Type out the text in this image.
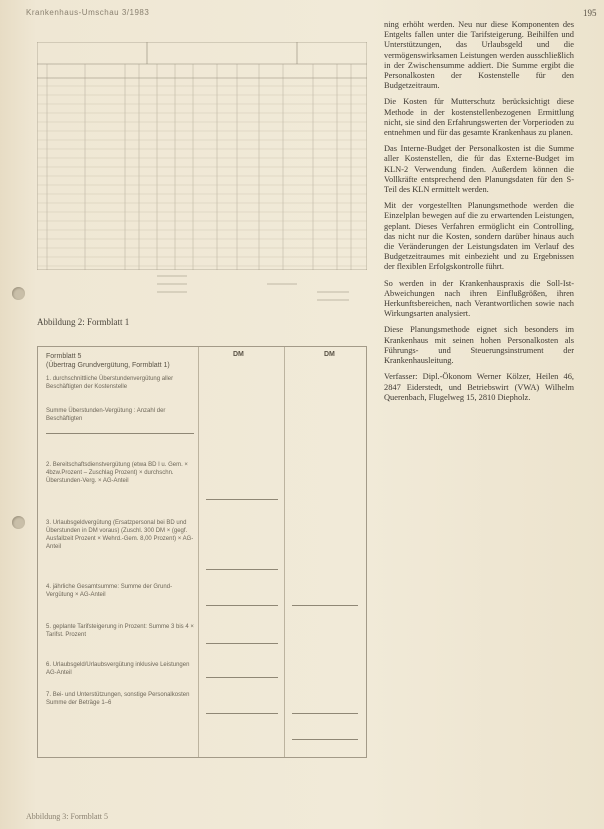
Krankenhaus-Umschau 3/1983	195
Abbildung 2: Formblatt 1
Formblatt 5
(Übertrag Grundvergütung, Formblatt 1)
DM	DM
1. durchschnittliche Überstundenvergütung aller Beschäftigten der Kostenstelle
Summe Überstunden-Vergütung : Anzahl der Beschäftigten
2. Bereitschaftsdienstvergütung (etwa BD I u. Gem. × 4bzw.Prozent – Zuschlag Prozent) × durchschn. Überstunden-Verg. × AG-Anteil
3. Urlaubsgeldvergütung (Ersatzpersonal bei BD und Überstunden in DM voraus) (Zuschl. 300 DM × (gegf. Ausfallzeit Prozent × Wehrd.-Gem. 8,00 Prozent) × AG-Anteil
4. jährliche Gesamtsumme: Summe der Grund-Vergütung × AG-Anteil
5. geplante Tarifsteigerung in Prozent: Summe 3 bis 4 × Tarifst. Prozent
6. Urlaubsgeld/Urlaubsvergütung inklusive Leistungen AG-Anteil
7. Bei- und Unterstützungen, sonstige Personalkosten Summe der Beträge 1–6
Abbildung 3: Formblatt 5

ning erhöht werden. Neu nur diese Komponenten des Entgelts fallen unter die Tarifsteigerung. Beihilfen und Unterstützungen, das Urlaubsgeld und die vermögenswirksamen Leistungen werden ausschließlich in der Zwischensumme addiert. Die Summe ergibt die Personalkosten der Kostenstelle für den Budgetzeitraum.

Die Kosten für Mutterschutz berücksichtigt diese Methode in der kostenstellenbezogenen Ermittlung nicht, sie sind den Erfahrungswerten der Vorperioden zu entnehmen und für das gesamte Krankenhaus zu planen.

Das Interne-Budget der Personalkosten ist die Summe aller Kostenstellen, die für das Externe-Budget im KLN-2 Verwendung finden. Außerdem können die Vollkräfte entsprechend den Planungsdaten für den S-Teil des KLN ermittelt werden.

Mit der vorgestellten Planungsmethode werden die Einzelplan bewegen auf die zu erwartenden Leistungen, geplant. Dieses Verfahren ermöglicht ein Controlling, das nicht nur die Kosten, sondern darüber hinaus auch die Veränderungen der Leistungsdaten im Verlauf des Budgetzeitraumes mit einbezieht und zu Ergebnissen der flexiblen Erfolgskontrolle führt.

So werden in der Krankenhauspraxis die Soll-Ist-Abweichungen nach ihren Einflußgrößen, ihren Herkunftsbereichen, nach Verantwortlichen sowie nach Wirkungsarten analysiert.

Diese Planungsmethode eignet sich besonders im Krankenhaus mit seinen hohen Personalkosten als Führungs- und Steuerungsinstrument der Krankenhausleitung.

Verfasser: Dipl.-Ökonom Werner Kölzer, Heilen 46, 2847 Eiderstedt, und Betriebswirt (VWA) Wilhelm Querenbach, Flugelweg 15, 2810 Diepholz.
